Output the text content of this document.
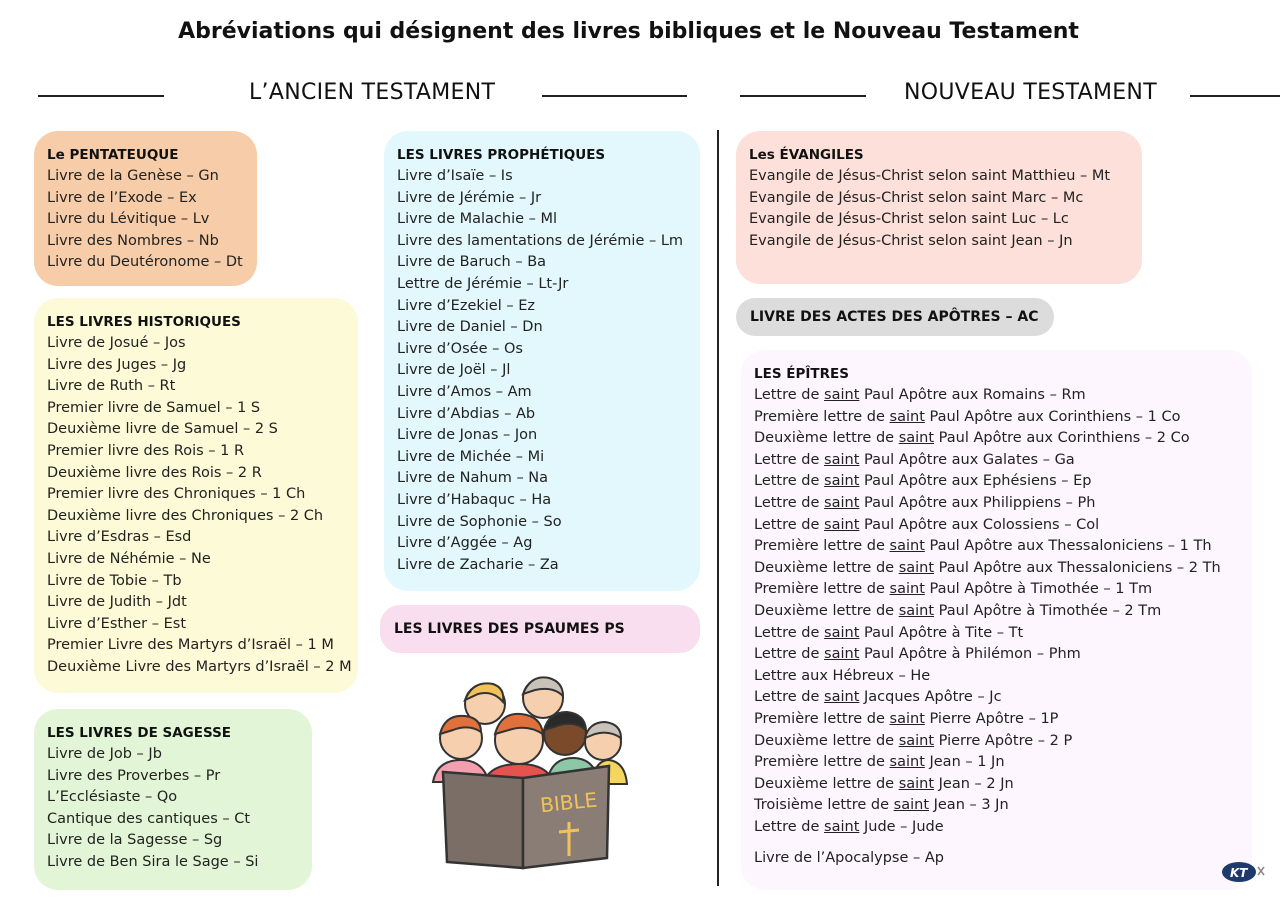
Abréviations qui désignent des livres bibliques et le Nouveau Testament
L’ANCIEN TESTAMENT	NOUVEAU TESTAMENT
Le PENTATEUQUE
Livre de la Genèse – Gn
Livre de l’Exode – Ex
Livre du Lévitique – Lv
Livre des Nombres – Nb
Livre du Deutéronome – Dt
LES LIVRES HISTORIQUES
Livre de Josué – Jos
Livre des Juges – Jg
Livre de Ruth – Rt
Premier livre de Samuel – 1 S
Deuxième livre de Samuel – 2 S
Premier livre des Rois – 1 R
Deuxième livre des Rois – 2 R
Premier livre des Chroniques – 1 Ch
Deuxième livre des Chroniques – 2 Ch
Livre d’Esdras – Esd
Livre de Néhémie – Ne
Livre de Tobie – Tb
Livre de Judith – Jdt
Livre d’Esther – Est
Premier Livre des Martyrs d’Israël – 1 M
Deuxième Livre des Martyrs d’Israël – 2 M
LES LIVRES DE SAGESSE
Livre de Job – Jb
Livre des Proverbes – Pr
L’Ecclésiaste – Qo
Cantique des cantiques – Ct
Livre de la Sagesse – Sg
Livre de Ben Sira le Sage – Si
LES LIVRES PROPHÉTIQUES
Livre d’Isaïe – Is
Livre de Jérémie – Jr
Livre de Malachie – Ml
Livre des lamentations de Jérémie – Lm
Livre de Baruch – Ba
Lettre de Jérémie – Lt-Jr
Livre d’Ezekiel – Ez
Livre de Daniel – Dn
Livre d’Osée – Os
Livre de Joël – Jl
Livre d’Amos – Am
Livre d’Abdias – Ab
Livre de Jonas – Jon
Livre de Michée – Mi
Livre de Nahum – Na
Livre d’Habaquc – Ha
Livre de Sophonie – So
Livre d’Aggée – Ag
Livre de Zacharie – Za
LES LIVRES DES PSAUMES PS
BIBLE
Les ÉVANGILES
Evangile de Jésus-Christ selon saint Matthieu – Mt
Evangile de Jésus-Christ selon saint Marc – Mc
Evangile de Jésus-Christ selon saint Luc – Lc
Evangile de Jésus-Christ selon saint Jean – Jn
LIVRE DES ACTES DES APÔTRES – AC
LES ÉPÎTRES
Lettre de saint Paul Apôtre aux Romains – Rm
Première lettre de saint Paul Apôtre aux Corinthiens – 1 Co
Deuxième lettre de saint Paul Apôtre aux Corinthiens – 2 Co
Lettre de saint Paul Apôtre aux Galates – Ga
Lettre de saint Paul Apôtre aux Ephésiens – Ep
Lettre de saint Paul Apôtre aux Philippiens – Ph
Lettre de saint Paul Apôtre aux Colossiens – Col
Première lettre de saint Paul Apôtre aux Thessaloniciens – 1 Th
Deuxième lettre de saint Paul Apôtre aux Thessaloniciens – 2 Th
Première lettre de saint Paul Apôtre à Timothée – 1 Tm
Deuxième lettre de saint Paul Apôtre à Timothée – 2 Tm
Lettre de saint Paul Apôtre à Tite – Tt
Lettre de saint Paul Apôtre à Philémon – Phm
Lettre aux Hébreux – He
Lettre de saint Jacques Apôtre – Jc
Première lettre de saint Pierre Apôtre – 1P
Deuxième lettre de saint Pierre Apôtre – 2 P
Première lettre de saint Jean – 1 Jn
Deuxième lettre de saint Jean – 2 Jn
Troisième lettre de saint Jean – 3 Jn
Lettre de saint Jude – Jude
Livre de l’Apocalypse – Ap
KT
